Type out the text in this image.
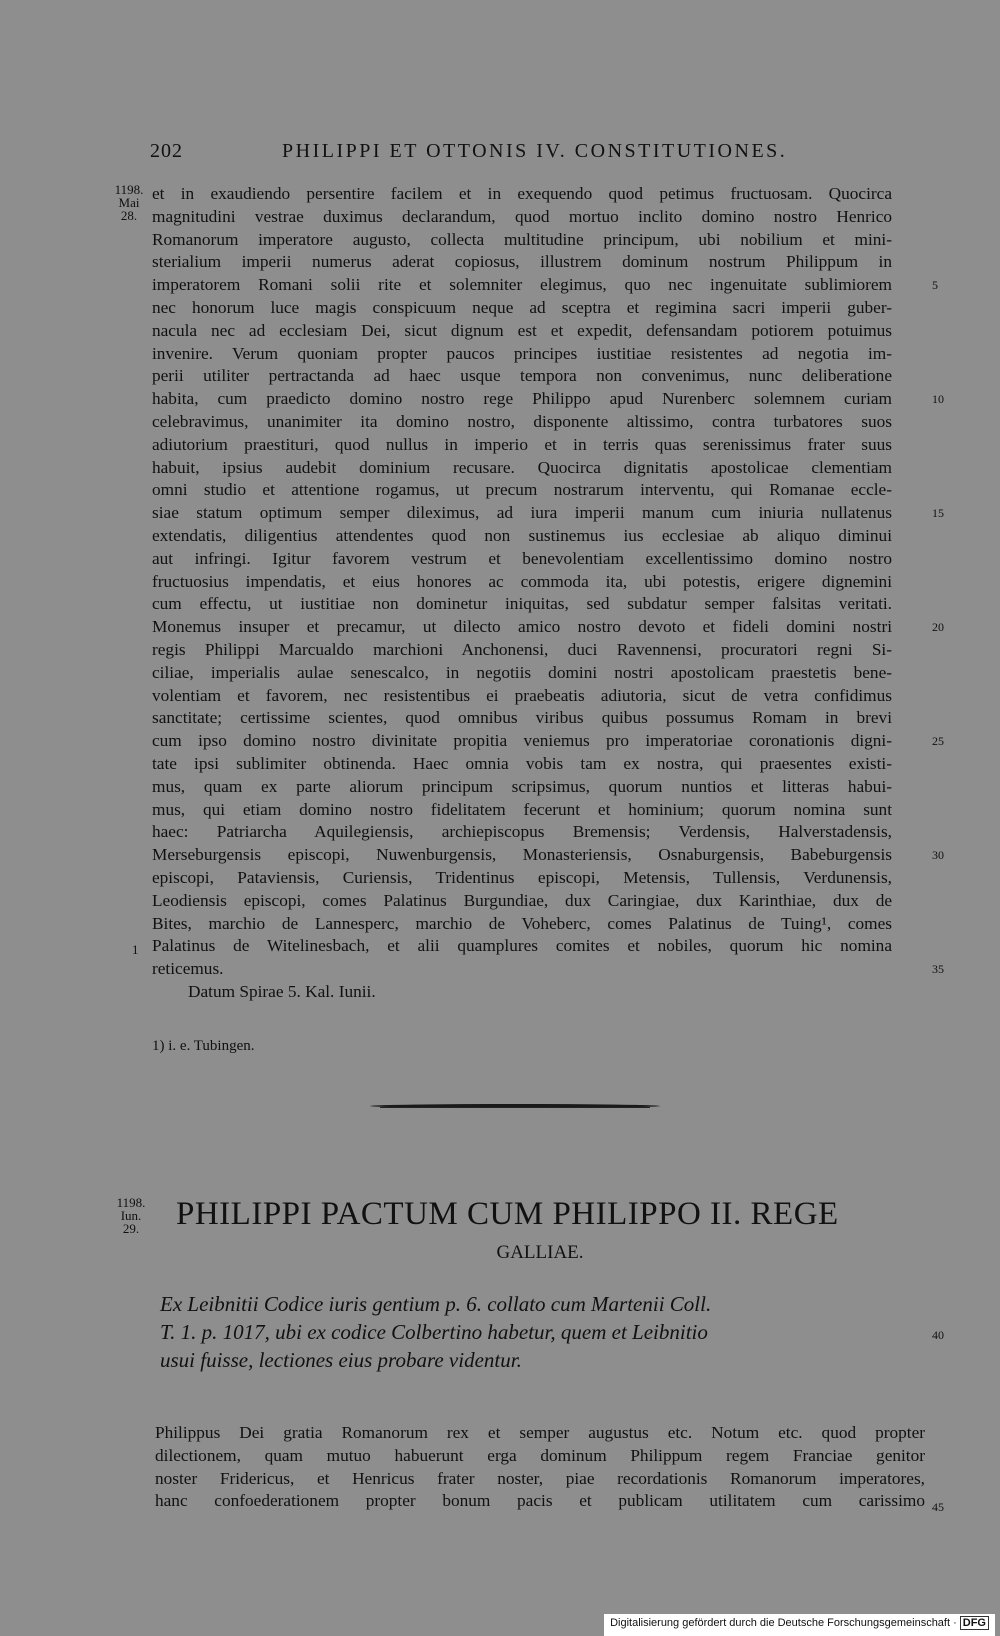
202	PHILIPPI ET OTTONIS IV. CONSTITUTIONES.
1198.
Mai
28.
et in exaudiendo persentire facilem et in exequendo quod petimus fructuosam. Quocirca
magnitudini vestrae duximus declarandum, quod mortuo inclito domino nostro Henrico
Romanorum imperatore augusto, collecta multitudine principum, ubi nobilium et mini-
sterialium imperii numerus aderat copiosus, illustrem dominum nostrum Philippum in
imperatorem Romani solii rite et solemniter elegimus, quo nec ingenuitate sublimiorem
nec honorum luce magis conspicuum neque ad sceptra et regimina sacri imperii guber-
nacula nec ad ecclesiam Dei, sicut dignum est et expedit, defensandam potiorem potuimus
invenire. Verum quoniam propter paucos principes iustitiae resistentes ad negotia im-
perii utiliter pertractanda ad haec usque tempora non convenimus, nunc deliberatione
habita, cum praedicto domino nostro rege Philippo apud Nurenberc solemnem curiam
celebravimus, unanimiter ita domino nostro, disponente altissimo, contra turbatores suos
adiutorium praestituri, quod nullus in imperio et in terris quas serenissimus frater suus
habuit, ipsius audebit dominium recusare. Quocirca dignitatis apostolicae clementiam
omni studio et attentione rogamus, ut precum nostrarum interventu, qui Romanae eccle-
siae statum optimum semper dileximus, ad iura imperii manum cum iniuria nullatenus
extendatis, diligentius attendentes quod non sustinemus ius ecclesiae ab aliquo diminui
aut infringi. Igitur favorem vestrum et benevolentiam excellentissimo domino nostro
fructuosius impendatis, et eius honores ac commoda ita, ubi potestis, erigere dignemini
cum effectu, ut iustitiae non dominetur iniquitas, sed subdatur semper falsitas veritati.
Monemus insuper et precamur, ut dilecto amico nostro devoto et fideli domini nostri
regis Philippi Marcualdo marchioni Anchonensi, duci Ravennensi, procuratori regni Si-
ciliae, imperialis aulae senescalco, in negotiis domini nostri apostolicam praestetis bene-
volentiam et favorem, nec resistentibus ei praebeatis adiutoria, sicut de vetra confidimus
sanctitate; certissime scientes, quod omnibus viribus quibus possumus Romam in brevi
cum ipso domino nostro divinitate propitia veniemus pro imperatoriae coronationis digni-
tate ipsi sublimiter obtinenda. Haec omnia vobis tam ex nostra, qui praesentes existi-
mus, quam ex parte aliorum principum scripsimus, quorum nuntios et litteras habui-
mus, qui etiam domino nostro fidelitatem fecerunt et hominium; quorum nomina sunt
haec: Patriarcha Aquilegiensis, archiepiscopus Bremensis; Verdensis, Halverstadensis,
Merseburgensis episcopi, Nuwenburgensis, Monasteriensis, Osnaburgensis, Babeburgensis
episcopi, Pataviensis, Curiensis, Tridentinus episcopi, Metensis, Tullensis, Verdunensis,
Leodiensis episcopi, comes Palatinus Burgundiae, dux Caringiae, dux Karinthiae, dux de
Bites, marchio de Lannesperc, marchio de Voheberc, comes Palatinus de Tuing¹, comes
Palatinus de Witelinesbach, et alii quamplures comites et nobiles, quorum hic nomina
reticemus.
Datum Spirae 5. Kal. Iunii.
5
10
15
20
25
30
35
1
1) i. e. Tubingen.
1198.
Iun.
29.	PHILIPPI PACTUM CUM PHILIPPO II. REGE
GALLIAE.
Ex Leibnitii Codice iuris gentium p. 6. collato cum Martenii Coll.
T. 1. p. 1017, ubi ex codice Colbertino habetur, quem et Leibnitio
usui fuisse, lectiones eius probare videntur.
40
Philippus Dei gratia Romanorum rex et semper augustus etc. Notum etc. quod propter
dilectionem, quam mutuo habuerunt erga dominum Philippum regem Franciae genitor
noster Fridericus, et Henricus frater noster, piae recordationis Romanorum imperatores,
hanc confoederationem propter bonum pacis et publicam utilitatem cum carissimo 45
Digitalisierung gefördert durch die Deutsche Forschungsgemeinschaft · DFG
